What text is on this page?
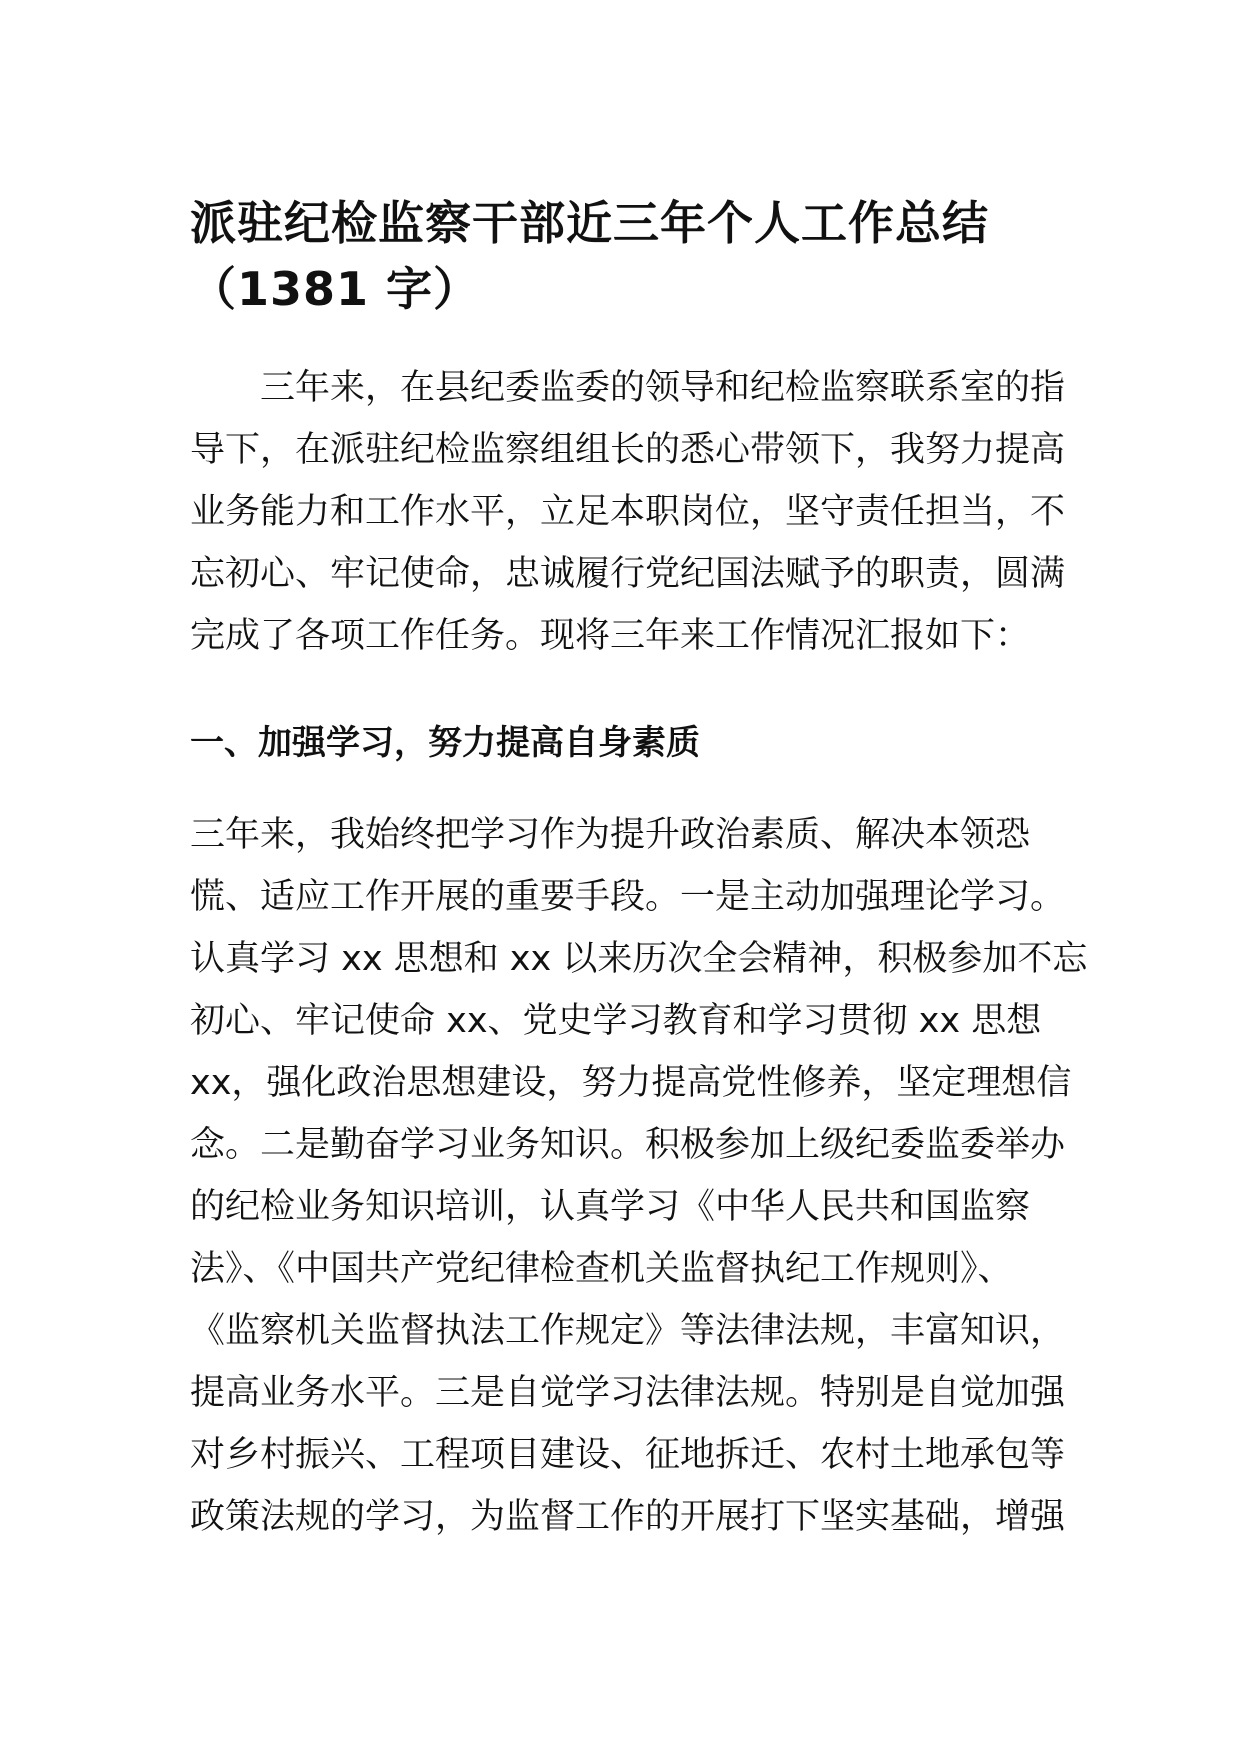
派驻纪检监察干部近三年个人工作总结
（1381 字）
三年来，在县纪委监委的领导和纪检监察联系室的指
导下，在派驻纪检监察组组长的悉心带领下，我努力提高
业务能力和工作水平，立足本职岗位，坚守责任担当，不
忘初心、牢记使命，忠诚履行党纪国法赋予的职责，圆满
完成了各项工作任务。现将三年来工作情况汇报如下：
一、加强学习，努力提高自身素质
三年来，我始终把学习作为提升政治素质、解决本领恐
慌、适应工作开展的重要手段。一是主动加强理论学习。
认真学习 xx 思想和 xx 以来历次全会精神，积极参加不忘
初心、牢记使命 xx、党史学习教育和学习贯彻 xx 思想
xx，强化政治思想建设，努力提高党性修养，坚定理想信
念。二是勤奋学习业务知识。积极参加上级纪委监委举办
的纪检业务知识培训，认真学习《中华人民共和国监察
法》、《中国共产党纪律检查机关监督执纪工作规则》、
《监察机关监督执法工作规定》等法律法规，丰富知识，
提高业务水平。三是自觉学习法律法规。特别是自觉加强
对乡村振兴、工程项目建设、征地拆迁、农村土地承包等
政策法规的学习，为监督工作的开展打下坚实基础，增强
